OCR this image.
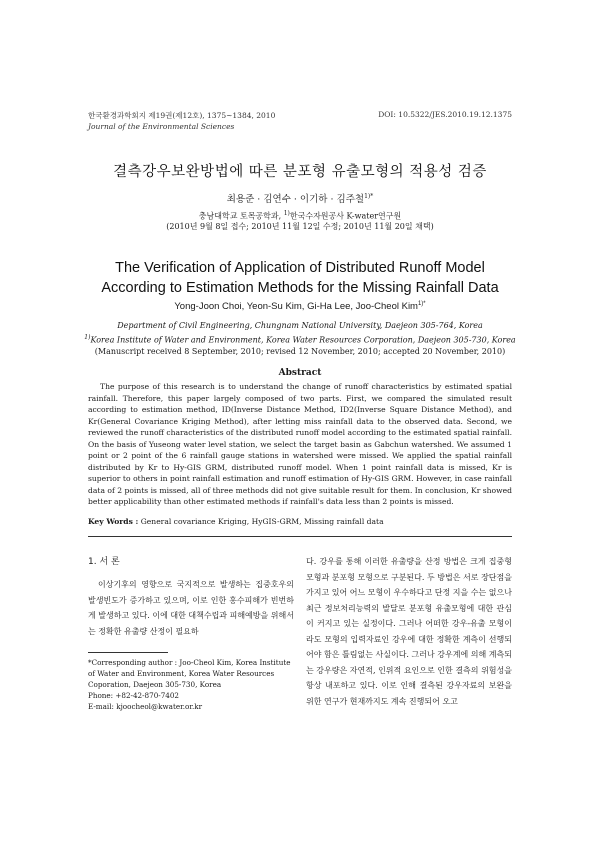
한국환경과학회지 제19권(제12호), 1375~1384, 2010
Journal of the Environmental Sciences
DOI: 10.5322/JES.2010.19.12.1375
결측강우보완방법에 따른 분포형 유출모형의 적용성 검증
최용준 · 김연수 · 이기하 · 김주철$^{1)*}$
충남대학교 토목공학과, $^{1)}$한국수자원공사 K-water연구원
(2010년 9월 8일 접수; 2010년 11월 12일 수정; 2010년 11월 20일 채택)
The Verification of Application of Distributed Runoff Model
According to Estimation Methods for the Missing Rainfall Data
Yong-Joon Choi, Yeon-Su Kim, Gi-Ha Lee, Joo-Cheol Kim$^{1)*}$
Department of Civil Engineering, Chungnam National University, Daejeon 305-764, Korea
$^{1)}$Korea Institute of Water and Environment, Korea Water Resources Corporation, Daejeon 305-730, Korea
(Manuscript received 8 September, 2010; revised 12 November, 2010; accepted 20 November, 2010)
Abstract
The purpose of this research is to understand the change of runoff characteristics by estimated spatial rainfall. Therefore, this paper largely composed of two parts. First, we compared the simulated result according to estimation method, ID(Inverse Distance Method, ID2(Inverse Square Distance Method), and Kr(General Covariance Kriging Method), after letting miss rainfall data to the observed data. Second, we reviewed the runoff characteristics of the distributed runoff model according to the estimated spatial rainfall. On the basis of Yuseong water level station, we select the target basin as Gabchun watershed. We assumed 1 point or 2 point of the 6 rainfall gauge stations in watershed were missed. We applied the spatial rainfall distributed by Kr to Hy-GIS GRM, distributed runoff model. When 1 point rainfall data is missed, Kr is superior to others in point rainfall estimation and runoff estimation of Hy-GIS GRM. However, in case rainfall data of 2 points is missed, all of three methods did not give suitable result for them. In conclusion, Kr showed better applicability than other estimated methods if rainfall's data less than 2 points is missed.
Key Words : General covariance Kriging, HyGIS-GRM, Missing rainfall data
1. 서 론

이상기후의 영향으로 국지적으로 발생하는 집중호우의 발생빈도가 증가하고 있으며, 이로 인한 홍수피해가 빈번하게 발생하고 있다. 이에 대한 대책수립과 피해예방을 위해서는 정확한 유출량 산정이 필요하

다. 강우를 통해 이러한 유출량을 산정 방법은 크게 집중형 모형과 분포형 모형으로 구분된다. 두 방법은 서로 장단점을 가지고 있어 어느 모형이 우수하다고 단정 지을 수는 없으나 최근 정보처리능력의 발달로 분포형 유출모형에 대한 관심이 커지고 있는 실정이다. 그러나 어떠한 강우-유출 모형이라도 모형의 입력자료인 강우에 대한 정확한 계측이 선행되어야 함은 틀림없는 사실이다. 그러나 강우계에 의해 계측되는 강우량은 자연적, 인위적 요인으로 인한 결측의 위험성을 항상 내포하고 있다. 이로 인해 결측된 강우자료의 보완을 위한 연구가 현재까지도 계속 진행되어 오고

*Corresponding author : Joo-Cheol Kim, Korea Institute of Water and Environment, Korea Water Resources Coporation, Daejeon 305-730, Korea
Phone: +82-42-870-7402
E-mail: kjoocheol@kwater.or.kr
